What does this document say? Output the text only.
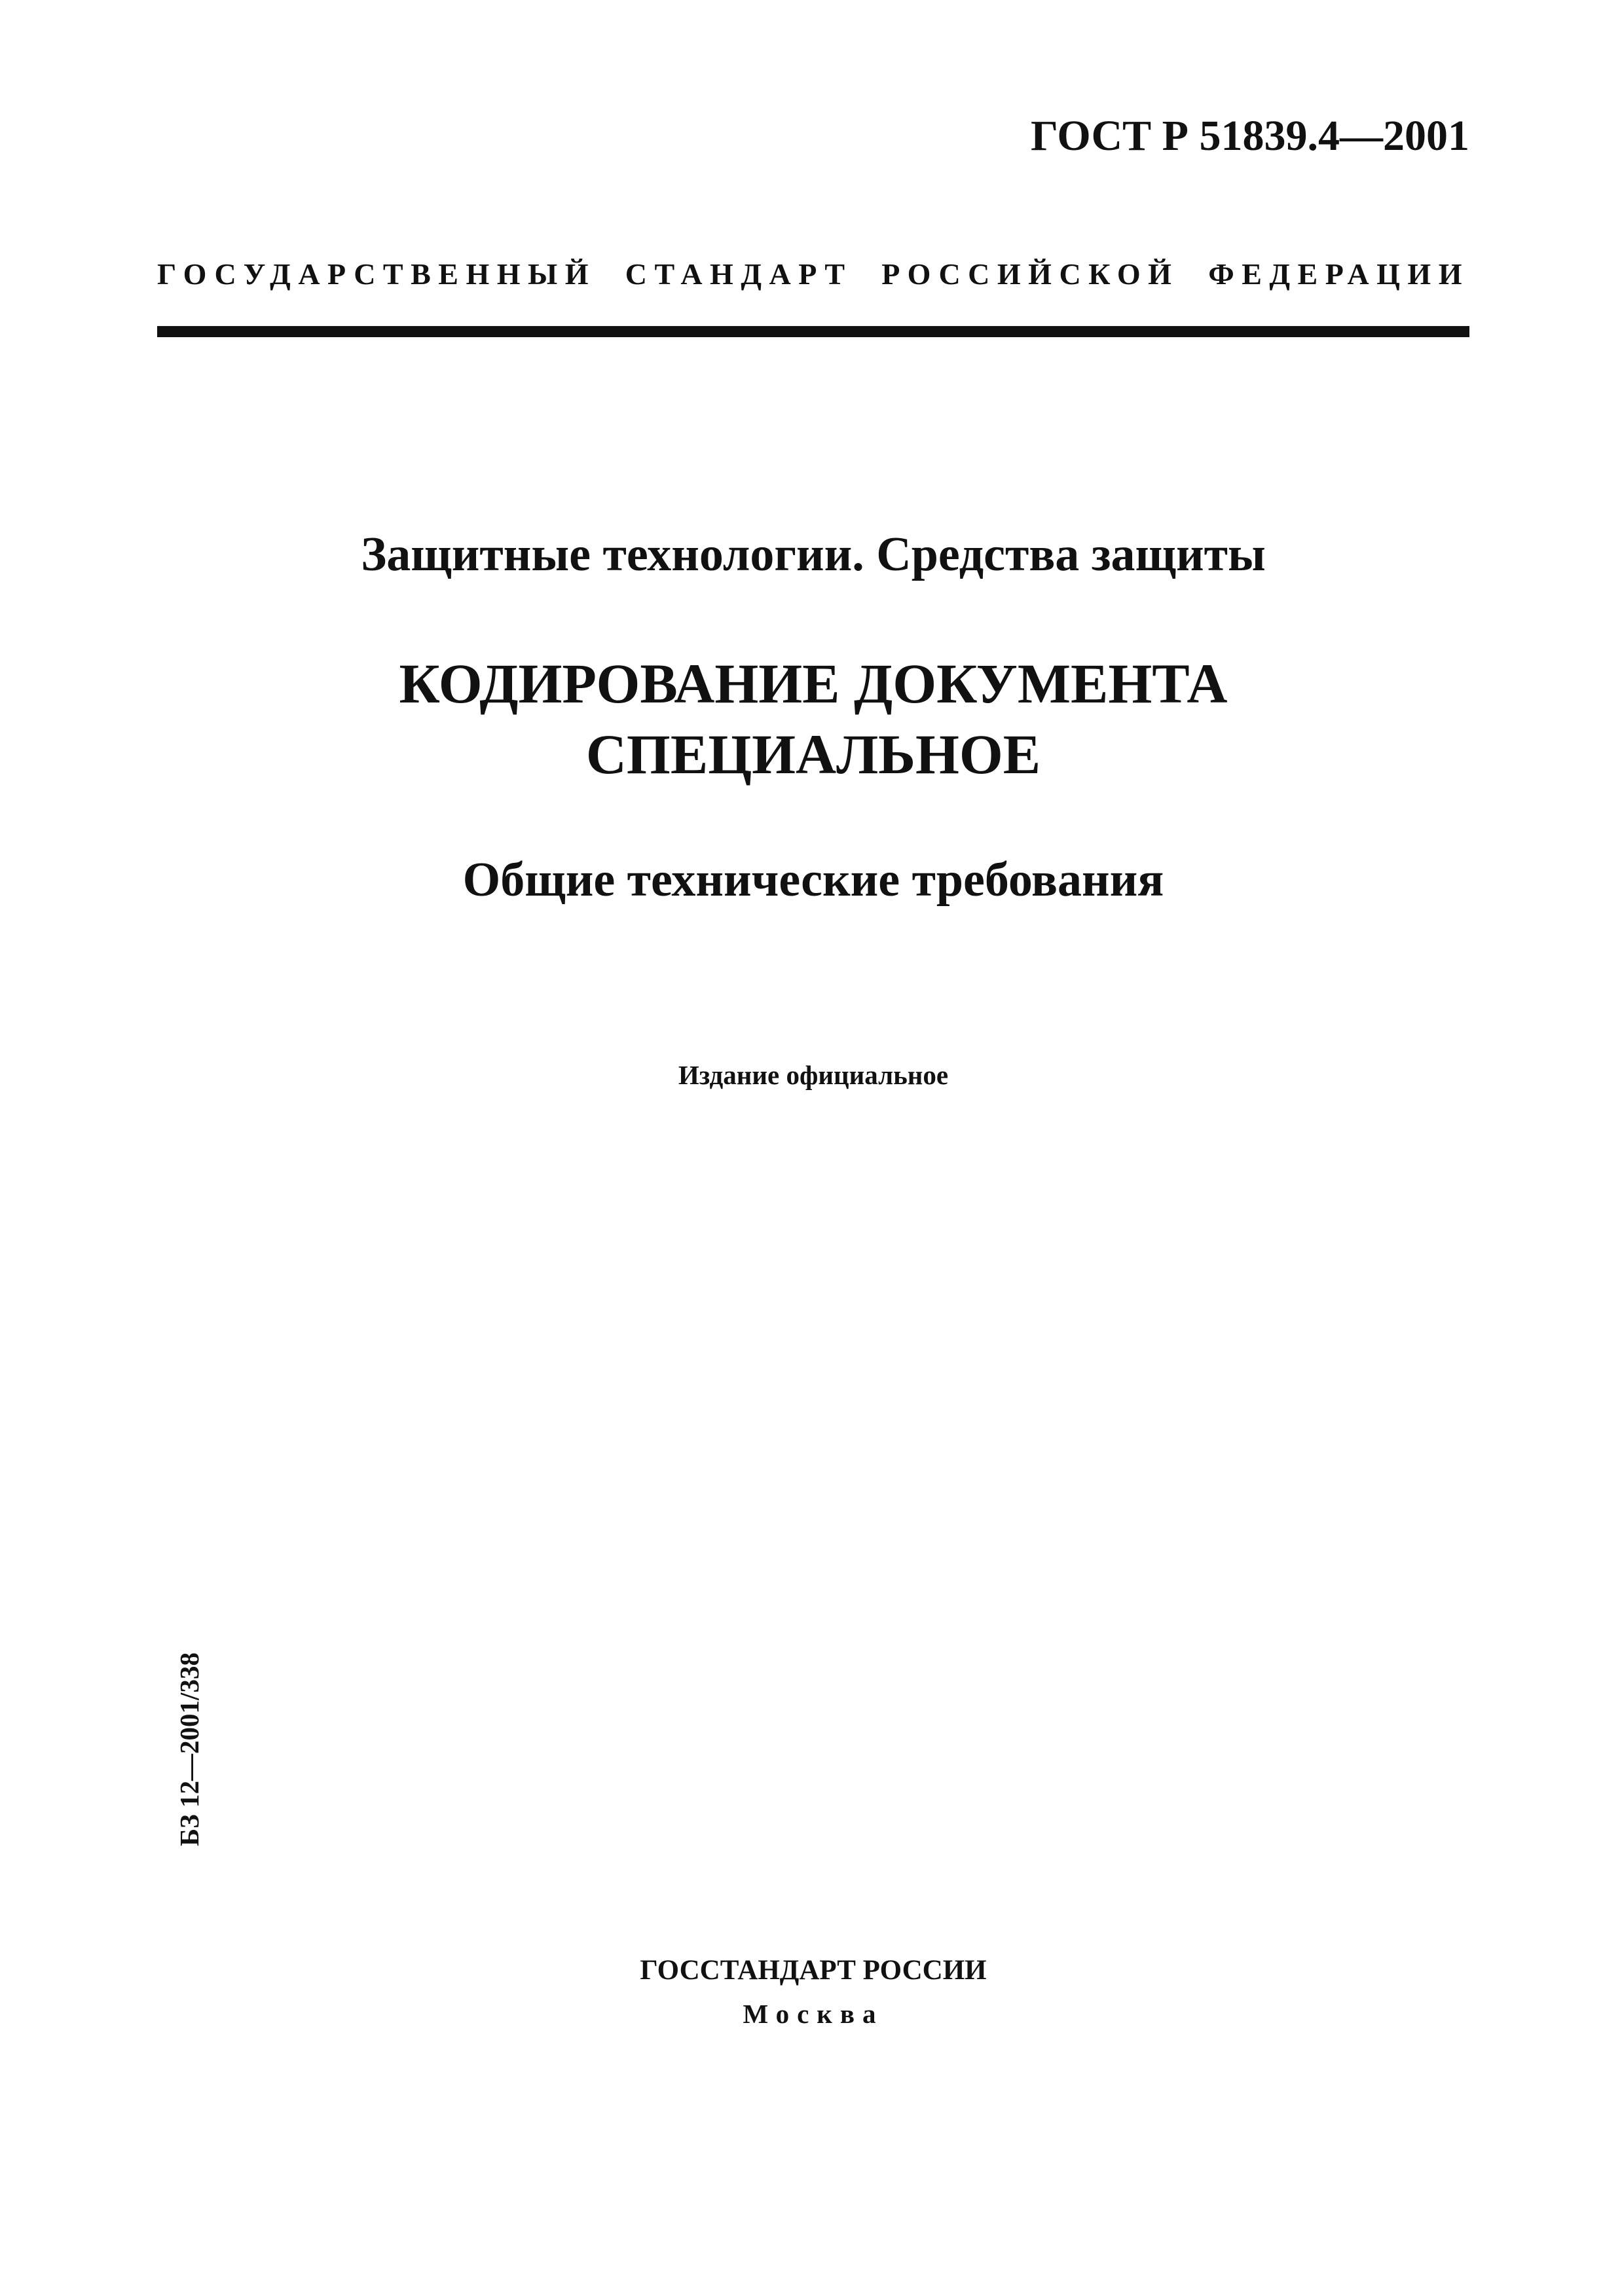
ГОСТ Р 51839.4—2001
ГОСУДАРСТВЕННЫЙ СТАНДАРТ РОССИЙСКОЙ ФЕДЕРАЦИИ
Защитные технологии. Средства защиты
КОДИРОВАНИЕ ДОКУМЕНТА
СПЕЦИАЛЬНОЕ
Общие технические требования
Издание официальное
БЗ 12—2001/338
ГОССТАНДАРТ РОССИИ
Москва
